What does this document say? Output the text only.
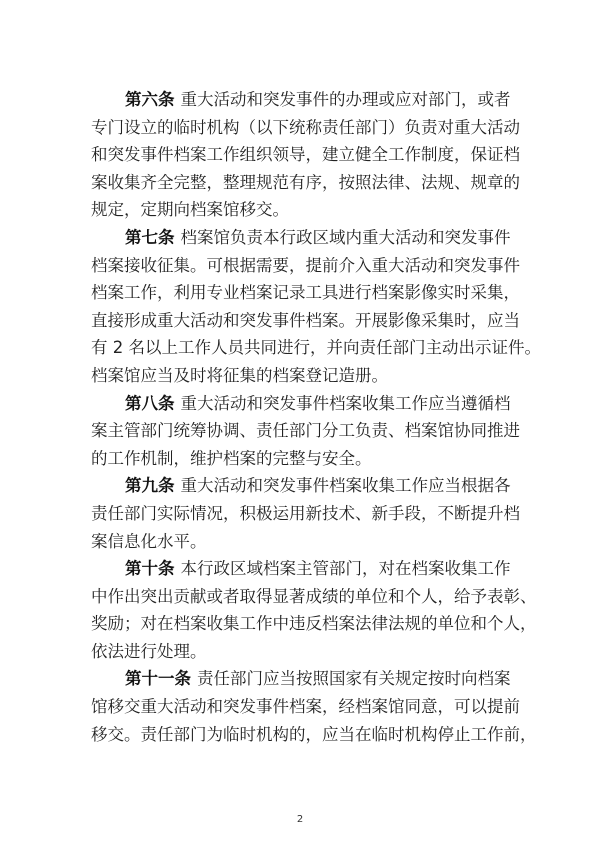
第六条 重大活动和突发事件的办理或应对部门，或者
专门设立的临时机构（以下统称责任部门）负责对重大活动
和突发事件档案工作组织领导，建立健全工作制度，保证档
案收集齐全完整，整理规范有序，按照法律、法规、规章的
规定，定期向档案馆移交。
第七条 档案馆负责本行政区域内重大活动和突发事件
档案接收征集。可根据需要，提前介入重大活动和突发事件
档案工作，利用专业档案记录工具进行档案影像实时采集，
直接形成重大活动和突发事件档案。开展影像采集时，应当
有 2 名以上工作人员共同进行，并向责任部门主动出示证件。
档案馆应当及时将征集的档案登记造册。
第八条 重大活动和突发事件档案收集工作应当遵循档
案主管部门统筹协调、责任部门分工负责、档案馆协同推进
的工作机制，维护档案的完整与安全。
第九条 重大活动和突发事件档案收集工作应当根据各
责任部门实际情况，积极运用新技术、新手段，不断提升档
案信息化水平。
第十条 本行政区域档案主管部门，对在档案收集工作
中作出突出贡献或者取得显著成绩的单位和个人，给予表彰、
奖励；对在档案收集工作中违反档案法律法规的单位和个人，
依法进行处理。
第十一条 责任部门应当按照国家有关规定按时向档案
馆移交重大活动和突发事件档案，经档案馆同意，可以提前
移交。责任部门为临时机构的，应当在临时机构停止工作前，
2
